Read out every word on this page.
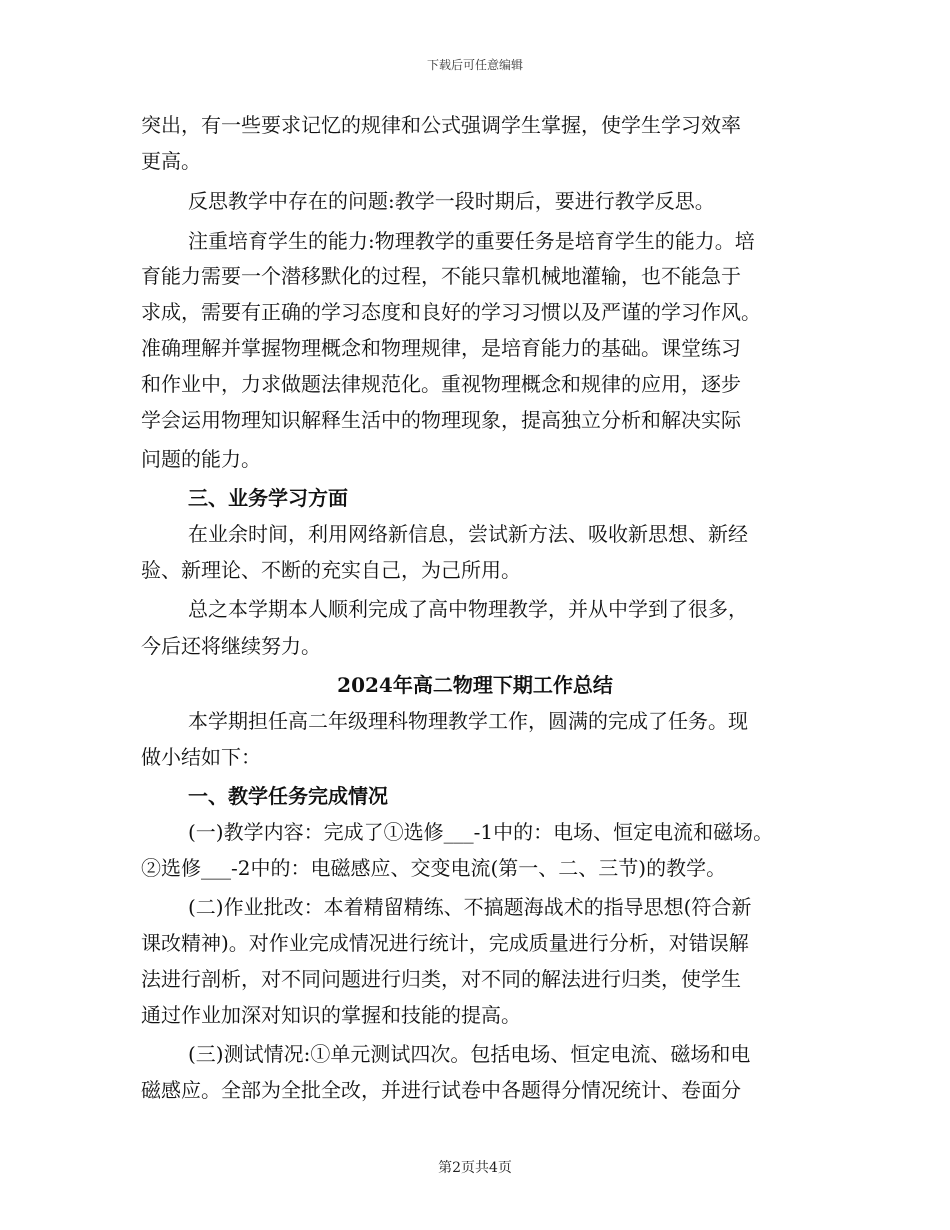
下载后可任意编辑
突出，有一些要求记忆的规律和公式强调学生掌握，使学生学习效率
更高。
反思教学中存在的问题:教学一段时期后，要进行教学反思。
注重培育学生的能力:物理教学的重要任务是培育学生的能力。培
育能力需要一个潜移默化的过程，不能只靠机械地灌输，也不能急于
求成，需要有正确的学习态度和良好的学习习惯以及严谨的学习作风。
准确理解并掌握物理概念和物理规律，是培育能力的基础。课堂练习
和作业中，力求做题法律规范化。重视物理概念和规律的应用，逐步
学会运用物理知识解释生活中的物理现象，提高独立分析和解决实际
问题的能力。
三、业务学习方面
在业余时间，利用网络新信息，尝试新方法、吸收新思想、新经
验、新理论、不断的充实自己，为己所用。
总之本学期本人顺利完成了高中物理教学，并从中学到了很多，
今后还将继续努力。
2024年高二物理下期工作总结
本学期担任高二年级理科物理教学工作，圆满的完成了任务。现
做小结如下：
一、教学任务完成情况
(一)教学内容：完成了①选修___-1中的：电场、恒定电流和磁场。
②选修___-2中的：电磁感应、交变电流(第一、二、三节)的教学。
(二)作业批改：本着精留精练、不搞题海战术的指导思想(符合新
课改精神)。对作业完成情况进行统计，完成质量进行分析，对错误解
法进行剖析，对不同问题进行归类，对不同的解法进行归类，使学生
通过作业加深对知识的掌握和技能的提高。
(三)测试情况:①单元测试四次。包括电场、恒定电流、磁场和电
磁感应。全部为全批全改，并进行试卷中各题得分情况统计、卷面分
第2页共4页
